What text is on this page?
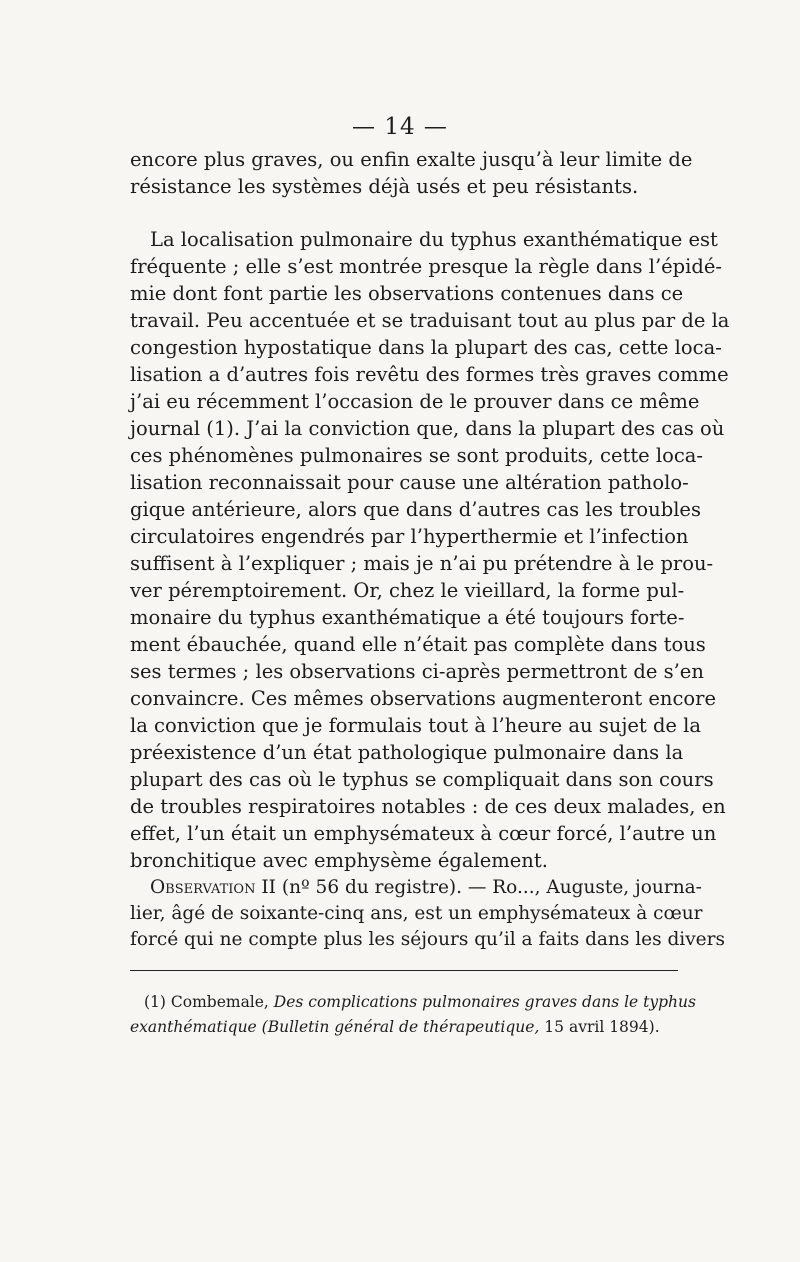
— 14 —
encore plus graves, ou enfin exalte jusqu’à leur limite de
résistance les systèmes déjà usés et peu résistants.
La localisation pulmonaire du typhus exanthématique est
fréquente ; elle s’est montrée presque la règle dans l’épidé-
mie dont font partie les observations contenues dans ce
travail. Peu accentuée et se traduisant tout au plus par de la
congestion hypostatique dans la plupart des cas, cette loca-
lisation a d’autres fois revêtu des formes très graves comme
j’ai eu récemment l’occasion de le prouver dans ce même
journal (1). J’ai la conviction que, dans la plupart des cas où
ces phénomènes pulmonaires se sont produits, cette loca-
lisation reconnaissait pour cause une altération patholo-
gique antérieure, alors que dans d’autres cas les troubles
circulatoires engendrés par l’hyperthermie et l’infection
suffisent à l’expliquer ; mais je n’ai pu prétendre à le prou-
ver péremptoirement. Or, chez le vieillard, la forme pul-
monaire du typhus exanthématique a été toujours forte-
ment ébauchée, quand elle n’était pas complète dans tous
ses termes ; les observations ci-après permettront de s’en
convaincre. Ces mêmes observations augmenteront encore
la conviction que je formulais tout à l’heure au sujet de la
préexistence d’un état pathologique pulmonaire dans la
plupart des cas où le typhus se compliquait dans son cours
de troubles respiratoires notables : de ces deux malades, en
effet, l’un était un emphysémateux à cœur forcé, l’autre un
bronchitique avec emphysème également.
Observation II (nº 56 du registre). — Ro..., Auguste, journa-
lier, âgé de soixante-cinq ans, est un emphysémateux à cœur
forcé qui ne compte plus les séjours qu’il a faits dans les divers
(1) Combemale, Des complications pulmonaires graves dans le typhus
exanthématique (Bulletin général de thérapeutique, 15 avril 1894).
